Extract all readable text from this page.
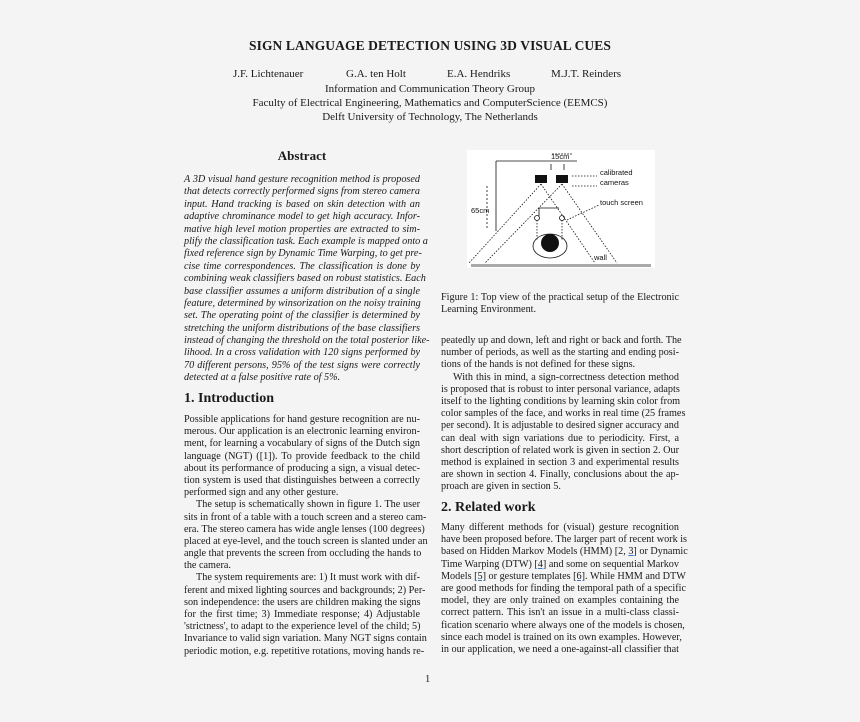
SIGN LANGUAGE DETECTION USING 3D VISUAL CUES
J.F. Lichtenauer	G.A. ten Holt	E.A. Hendriks	M.J.T. Reinders
Information and Communication Theory Group
Faculty of Electrical Engineering, Mathematics and ComputerScience (EEMCS)
Delft University of Technology, The Netherlands
Abstract
A 3D visual hand gesture recognition method is proposed
that detects correctly performed signs from stereo camera
input. Hand tracking is based on skin detection with an
adaptive chrominance model to get high accuracy. Infor-
mative high level motion properties are extracted to sim-
plify the classification task. Each example is mapped onto a
fixed reference sign by Dynamic Time Warping, to get pre-
cise time correspondences. The classification is done by
combining weak classifiers based on robust statistics. Each
base classifier assumes a uniform distribution of a single
feature, determined by winsorization on the noisy training
set. The operating point of the classifier is determined by
stretching the uniform distributions of the base classifiers
instead of changing the threshold on the total posterior like-
lihood. In a cross validation with 120 signs performed by
70 different persons, 95% of the test signs were correctly
detected at a false positive rate of 5%.
1. Introduction
Possible applications for hand gesture recognition are nu-
merous. Our application is an electronic learning environ-
ment, for learning a vocabulary of signs of the Dutch sign
language (NGT) ([1]). To provide feedback to the child
about its performance of producing a sign, a visual detec-
tion system is used that distinguishes between a correctly
performed sign and any other gesture.
The setup is schematically shown in figure 1. The user
sits in front of a table with a touch screen and a stereo cam-
era. The stereo camera has wide angle lenses (100 degrees)
placed at eye-level, and the touch screen is slanted under an
angle that prevents the screen from occluding the hands to
the camera.
The system requirements are: 1) It must work with dif-
ferent and mixed lighting sources and backgrounds; 2) Per-
son independence: the users are children making the signs
for the first time; 3) Immediate response; 4) Adjustable
'strictness', to adapt to the experience level of the child; 5)
Invariance to valid sign variation. Many NGT signs contain
periodic motion, e.g. repetitive rotations, moving hands re-
15cm
65cm
calibrated
cameras
touch screen
wall
Figure 1: Top view of the practical setup of the Electronic
Learning Environment.
peatedly up and down, left and right or back and forth. The
number of periods, as well as the starting and ending posi-
tions of the hands is not defined for these signs.
With this in mind, a sign-correctness detection method
is proposed that is robust to inter personal variance, adapts
itself to the lighting conditions by learning skin color from
color samples of the face, and works in real time (25 frames
per second). It is adjustable to desired signer accuracy and
can deal with sign variations due to periodicity. First, a
short description of related work is given in section 2. Our
method is explained in section 3 and experimental results
are shown in section 4. Finally, conclusions about the ap-
proach are given in section 5.
2. Related work
Many different methods for (visual) gesture recognition
have been proposed before. The larger part of recent work is
based on Hidden Markov Models (HMM) [2, 3] or Dynamic
Time Warping (DTW) [4] and some on sequential Markov
Models [5] or gesture templates [6]. While HMM and DTW
are good methods for finding the temporal path of a specific
model, they are only trained on examples containing the
correct pattern. This isn't an issue in a multi-class classi-
fication scenario where always one of the models is chosen,
since each model is trained on its own examples. However,
in our application, we need a one-against-all classifier that
1
